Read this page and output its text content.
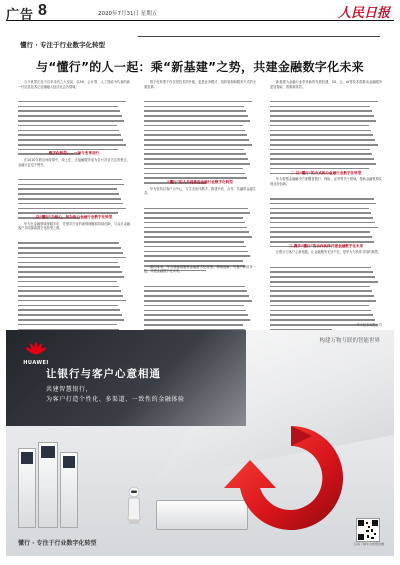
广告 8	2020年7月31日 星期五	人民日报
懂行 · 专注于行业数字化转型
与“懂行”的人一起：乘“新基建”之势，共建金融数字化未来

当今世界正处于百年未有之大变局，以5G、云计算、人工智能为代表的新一代信息技术正加速融入经济社会各领域。

数字化转型——一场与变革同行

在2020年的这场疫情中，线上化、无接触服务成为各行各业关注的焦点，金融行业也不例外。

以“懂行”为核心，华为助力金融行业数字化转型

华为在金融领域深耕多年，凭借对行业的深刻理解和持续创新，与众多金融客户共同探索数字化转型之路。

数字化转型不仅仅是技术的升级，更是业务模式、组织架构和服务方式的全面变革。

“懂行”的人共同推进金融行业数字化转型

华为坚持以客户为中心，与生态伙伴携手，构建开放、合作、共赢的金融生态。

面向未来，华为将继续聚焦金融数字化转型，持续创新，与客户和伙伴一起，共建金融数字化未来。

新基建为金融行业带来新的发展机遇，5G、云、AI等技术将推动金融服务更加智能、普惠和高效。

二 以“懂行”的方式助力金融行业数字化转型

华为智慧金融解决方案覆盖银行、保险、证券等多个领域，帮助金融机构实现业务创新。

三 携手“懂行”的合作伙伴共建金融数字化未来

让银行与客户心意相通，让金融服务无处不在，是华为与伙伴共同的愿景。

华为技术有限公司
HUAWEI
构建万物互联的智能世界
让银行与客户心意相通
共建智慧银行，
为客户打造个性化、多渠道、一致性的金融体验
懂行 · 专注于行业数字化转型	扫码了解华为智慧金融
